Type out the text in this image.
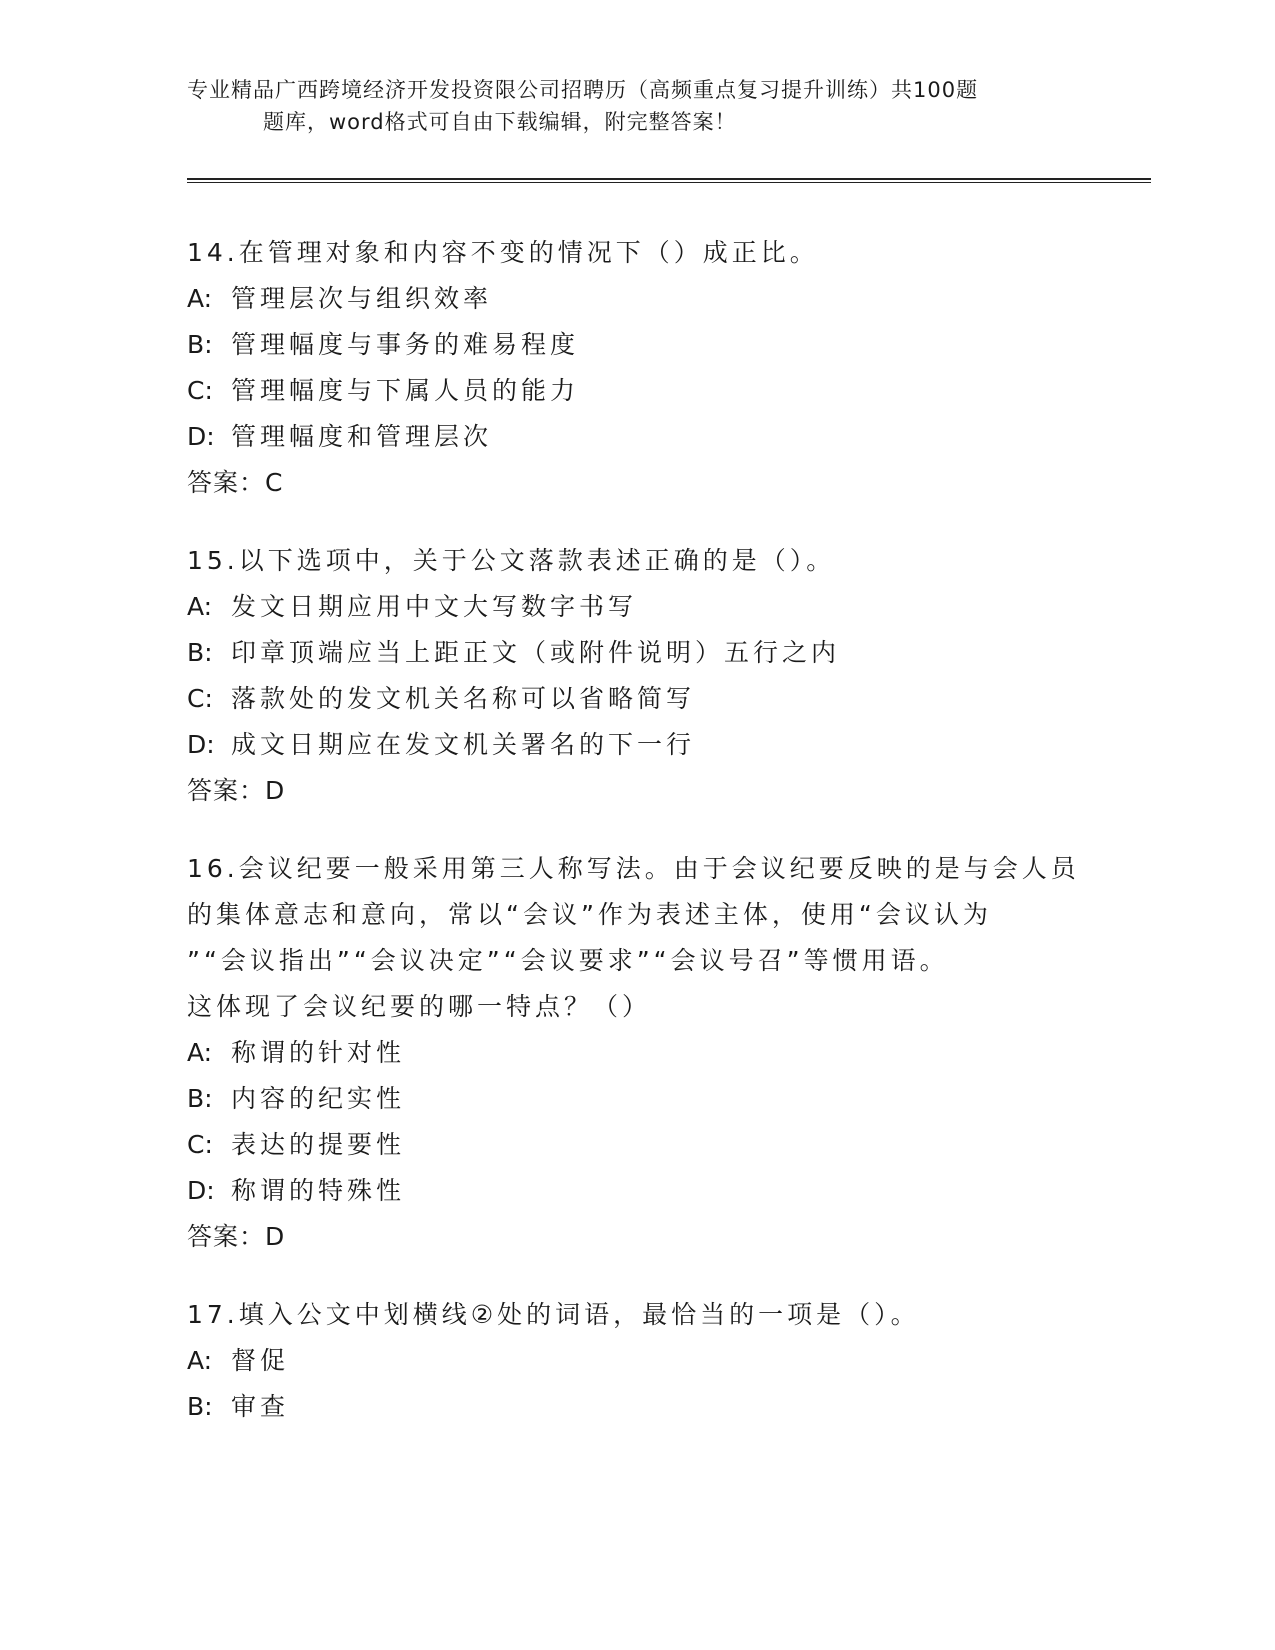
专业精品广西跨境经济开发投资限公司招聘历（高频重点复习提升训练）共100题
题库，word格式可自由下载编辑，附完整答案！
14.在管理对象和内容不变的情况下（）成正比。
A: 管理层次与组织效率
B: 管理幅度与事务的难易程度
C: 管理幅度与下属人员的能力
D: 管理幅度和管理层次
答案：C
15.以下选项中，关于公文落款表述正确的是（）。
A: 发文日期应用中文大写数字书写
B: 印章顶端应当上距正文（或附件说明）五行之内
C: 落款处的发文机关名称可以省略简写
D: 成文日期应在发文机关署名的下一行
答案：D
16.会议纪要一般采用第三人称写法。由于会议纪要反映的是与会人员
的集体意志和意向，常以“会议”作为表述主体，使用“会议认为
”“会议指出”“会议决定”“会议要求”“会议号召”等惯用语。
这体现了会议纪要的哪一特点？（）
A: 称谓的针对性
B: 内容的纪实性
C: 表达的提要性
D: 称谓的特殊性
答案：D
17.填入公文中划横线②处的词语，最恰当的一项是（）。
A: 督促
B: 审查
